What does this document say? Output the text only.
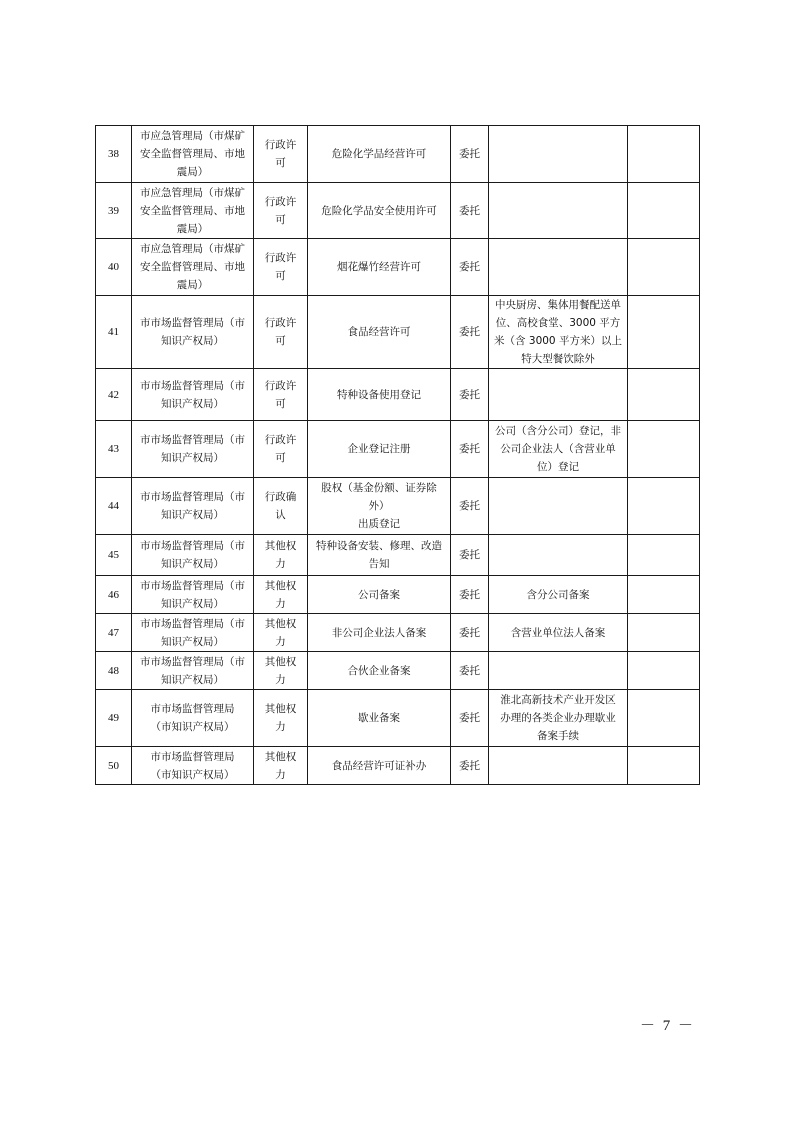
38	市应急管理局（市煤矿
安全监督管理局、市地
震局）	行政许
可	危险化学品经营许可	委托		
39	市应急管理局（市煤矿
安全监督管理局、市地
震局）	行政许
可	危险化学品安全使用许可	委托		
40	市应急管理局（市煤矿
安全监督管理局、市地
震局）	行政许
可	烟花爆竹经营许可	委托		
41	市市场监督管理局（市
知识产权局）	行政许
可	食品经营许可	委托	中央厨房、集体用餐配送单
位、高校食堂、3000 平方
米（含 3000 平方米）以上
特大型餐饮除外	
42	市市场监督管理局（市
知识产权局）	行政许
可	特种设备使用登记	委托		
43	市市场监督管理局（市
知识产权局）	行政许
可	企业登记注册	委托	公司（含分公司）登记，非
公司企业法人（含营业单
位）登记	
44	市市场监督管理局（市
知识产权局）	行政确
认	股权（基金份额、证券除外）
出质登记	委托		
45	市市场监督管理局（市
知识产权局）	其他权
力	特种设备安装、修理、改造
告知	委托		
46	市市场监督管理局（市
知识产权局）	其他权
力	公司备案	委托	含分公司备案	
47	市市场监督管理局（市
知识产权局）	其他权
力	非公司企业法人备案	委托	含营业单位法人备案	
48	市市场监督管理局（市
知识产权局）	其他权
力	合伙企业备案	委托		
49	市市场监督管理局
（市知识产权局）	其他权
力	歇业备案	委托	淮北高新技术产业开发区
办理的各类企业办理歇业
备案手续	
50	市市场监督管理局
（市知识产权局）	其他权
力	食品经营许可证补办	委托		
－ 7 －
